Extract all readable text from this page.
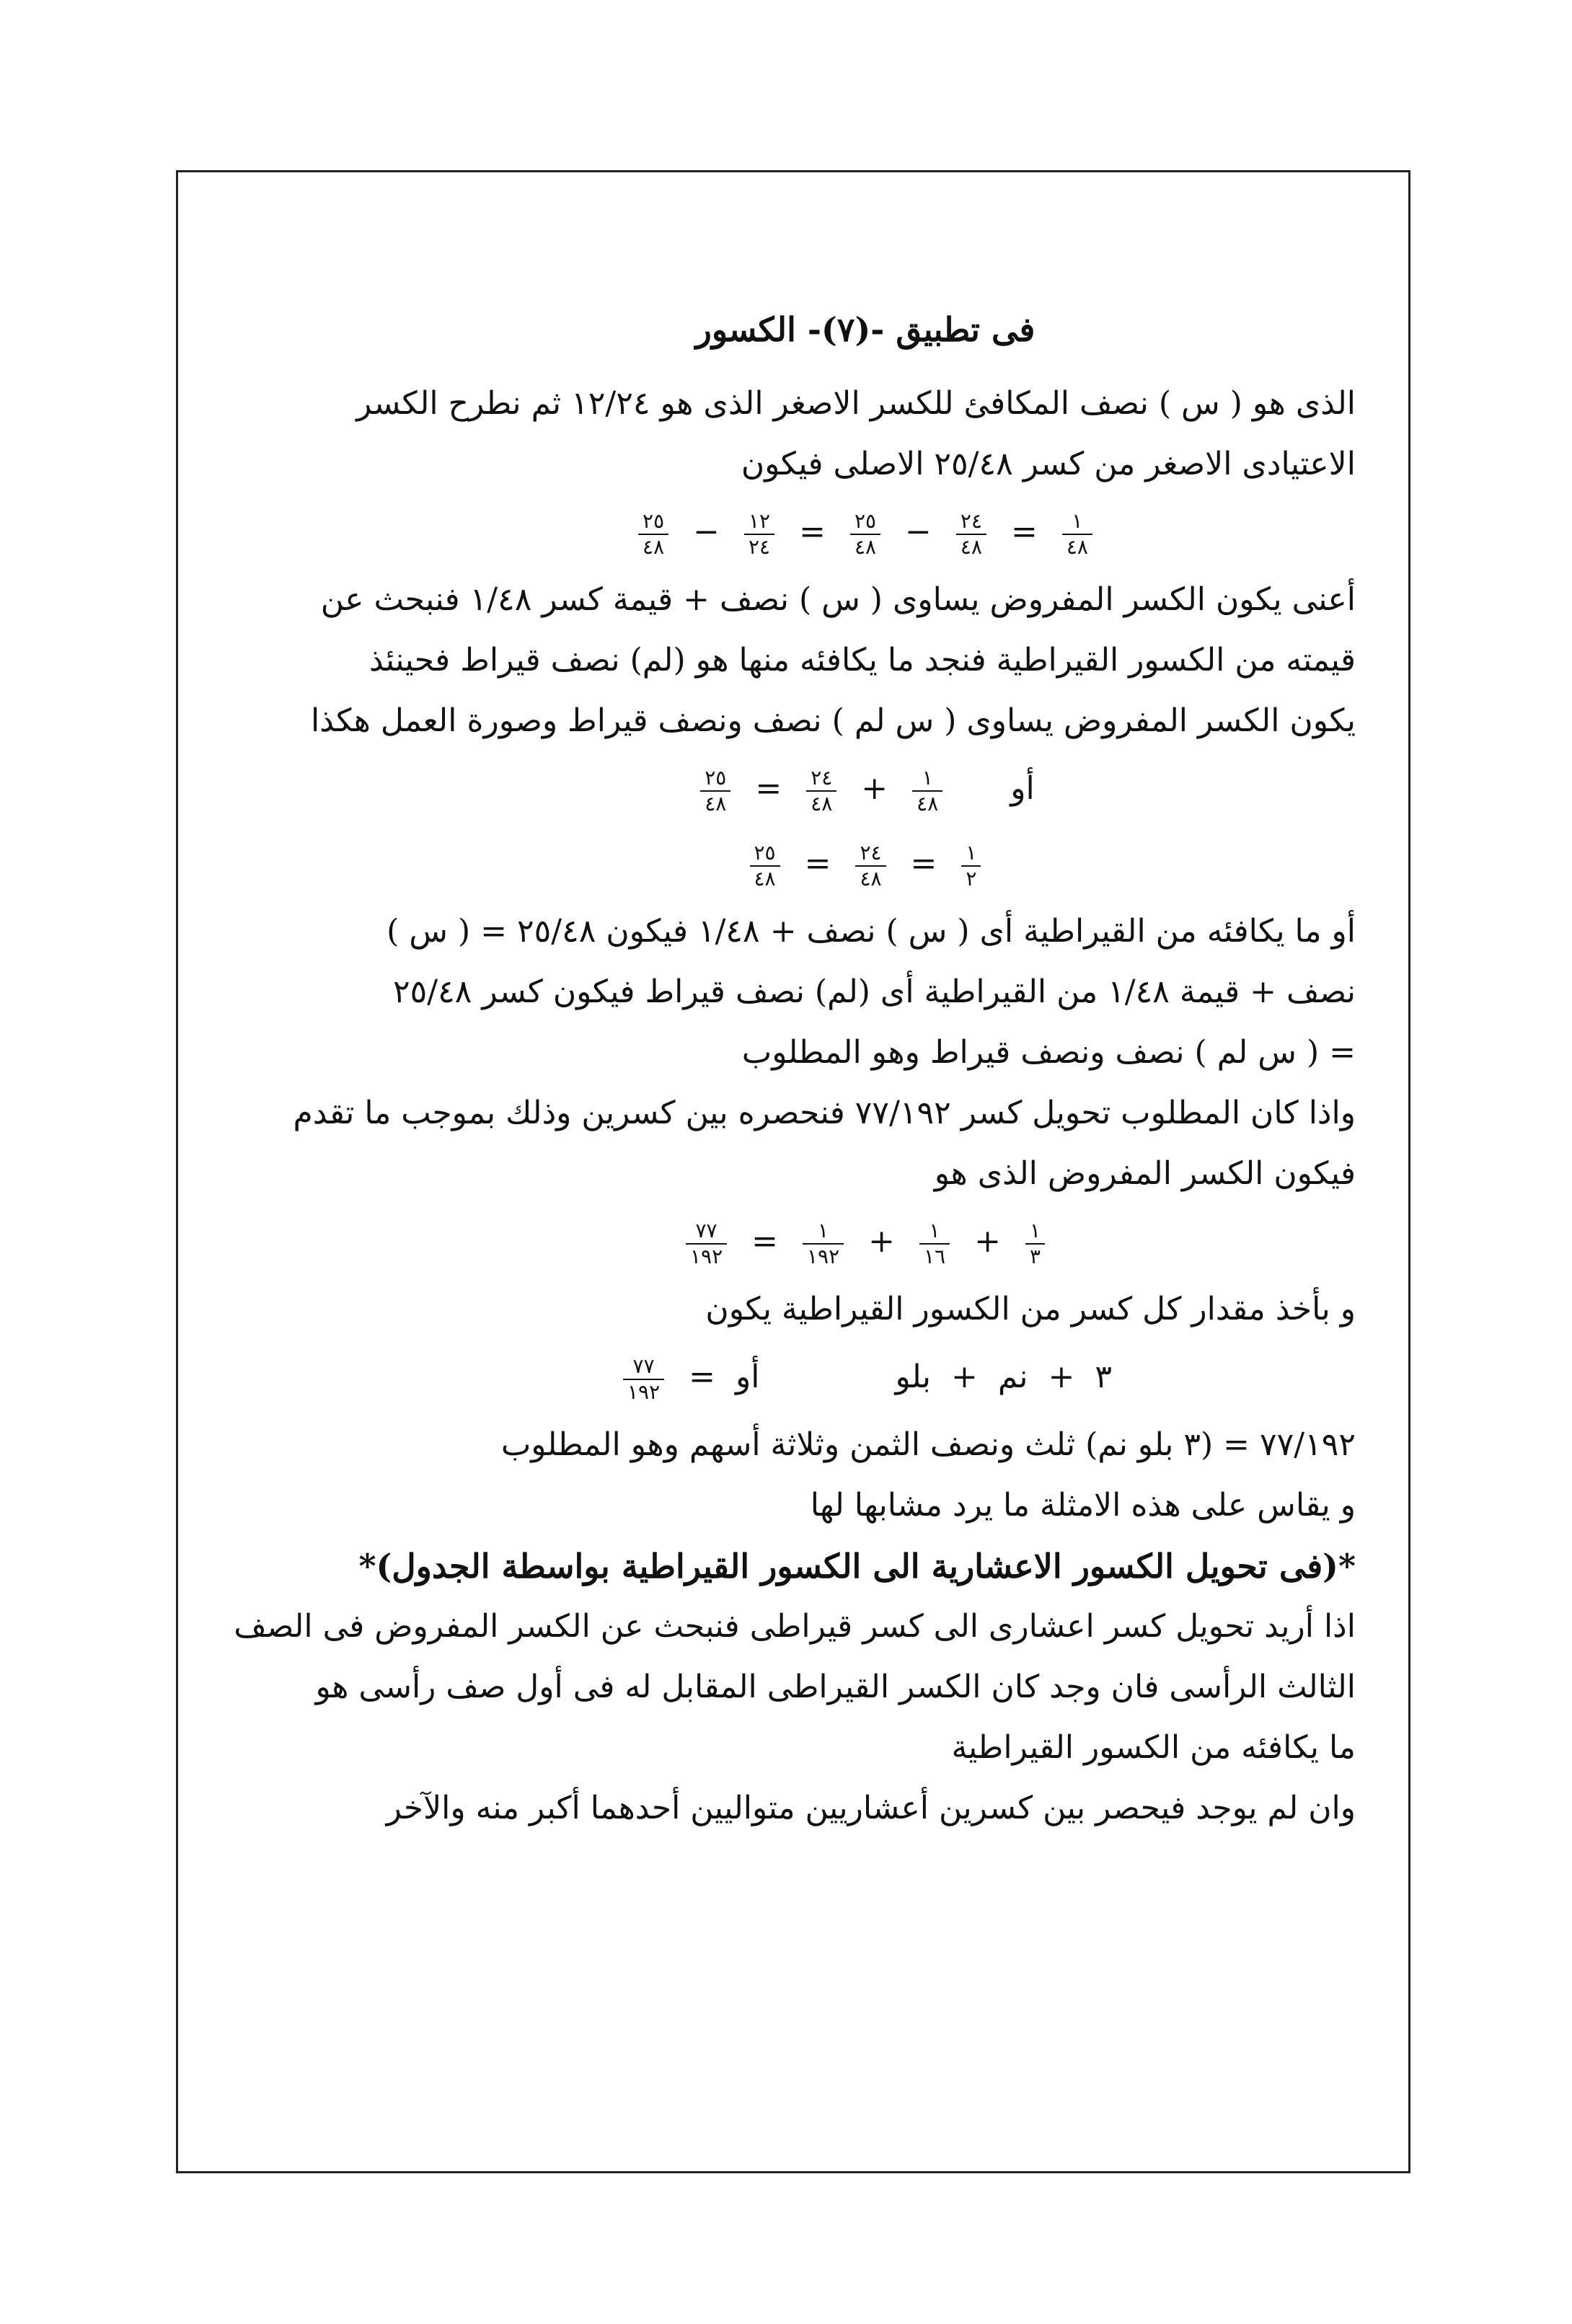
فى تطبيق -(٧)- الكسور
الذى هو ( س ) نصف المكافئ للكسر الاصغر الذى هو ١٢/٢٤ ثم نطرح الكسر
الاعتيادى الاصغر من كسر ٢٥/٤٨ الاصلى فيكون
$\frac{٢٥}{٤٨} - \frac{١٢}{٢٤} = \frac{٢٥}{٤٨} - \frac{٢٤}{٤٨} = \frac{١}{٤٨}$
أعنى يكون الكسر المفروض يساوى ( س ) نصف + قيمة كسر ١/٤٨ فنبحث عن
قيمته من الكسور القيراطية فنجد ما يكافئه منها هو (لم) نصف قيراط فحينئذ
يكون الكسر المفروض يساوى ( س لم ) نصف ونصف قيراط وصورة العمل هكذا
$\frac{٢٥}{٤٨} = \frac{٢٤}{٤٨} + \frac{١}{٤٨}$ أو
$\frac{٢٥}{٤٨} = \frac{٢٤}{٤٨} = \frac{١}{٢}$
أو ما يكافئه من القيراطية أى ( س ) نصف + ١/٤٨ فيكون ٢٥/٤٨ = ( س )
نصف + قيمة ١/٤٨ من القيراطية أى (لم) نصف قيراط فيكون كسر ٢٥/٤٨
= ( س لم ) نصف ونصف قيراط وهو المطلوب
واذا كان المطلوب تحويل كسر ٧٧/١٩٢ فنحصره بين كسرين وذلك بموجب ما تقدم
فيكون الكسر المفروض الذى هو
$\frac{٧٧}{١٩٢} = \frac{١}{١٩٢} + \frac{١}{١٦} + \frac{١}{٣}$
و بأخذ مقدار كل كسر من الكسور القيراطية يكون
$\frac{٧٧}{١٩٢}$ =	٣ + نم + بلو  أو
٧٧/١٩٢ = (٣ بلو نم) ثلث ونصف الثمن وثلاثة أسهم وهو المطلوب
و يقاس على هذه الامثلة ما يرد مشابها لها
*(فى تحويل الكسور الاعشارية الى الكسور القيراطية بواسطة الجدول)*
اذا أريد تحويل كسر اعشارى الى كسر قيراطى فنبحث عن الكسر المفروض فى الصف
الثالث الرأسى فان وجد كان الكسر القيراطى المقابل له فى أول صف رأسى هو
ما يكافئه من الكسور القيراطية
وان لم يوجد فيحصر بين كسرين أعشاريين متواليين أحدهما أكبر منه والآخر
